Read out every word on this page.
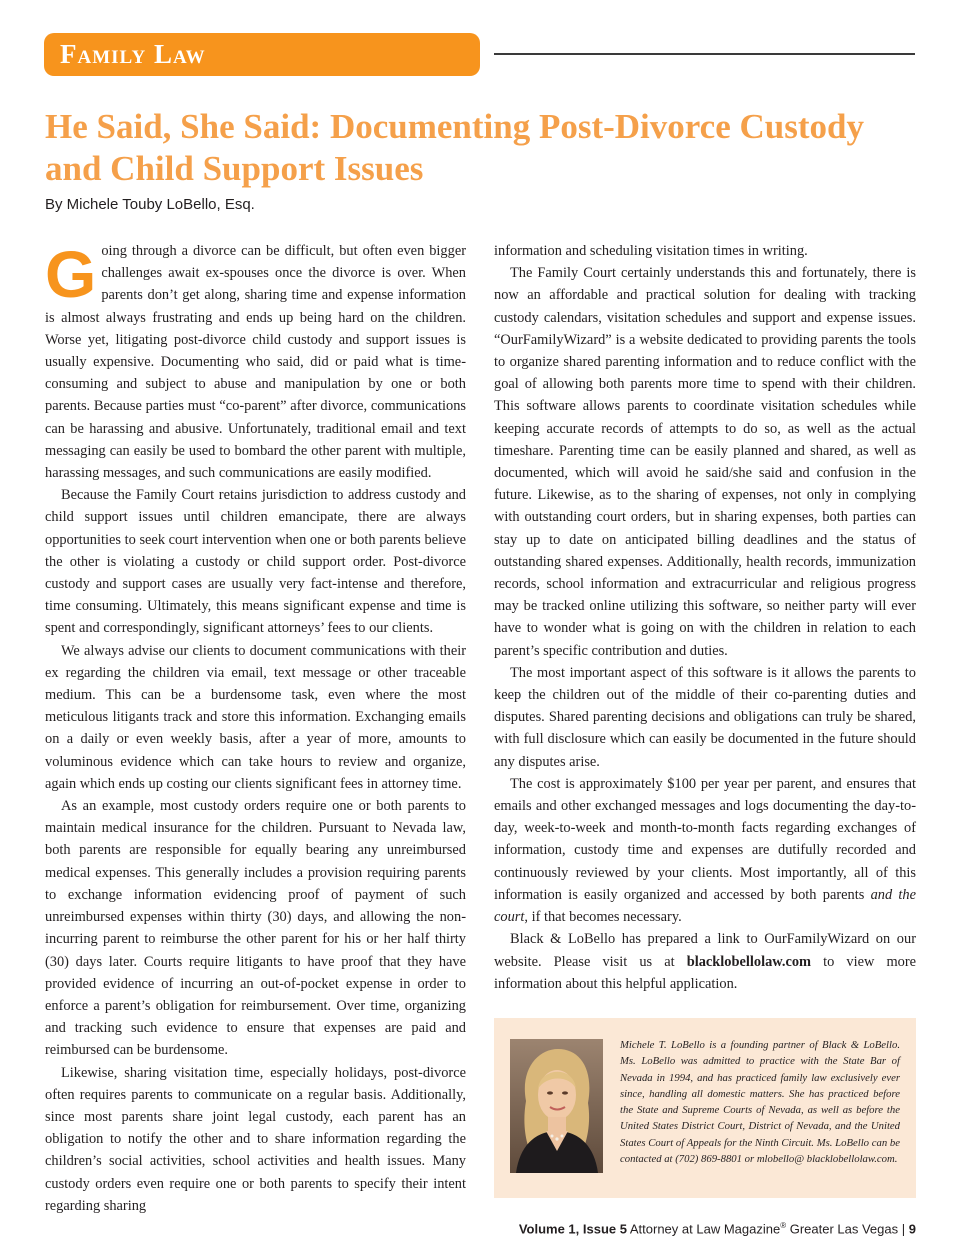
Family Law
He Said, She Said: Documenting Post-Divorce Custody and Child Support Issues
By Michele Touby LoBello, Esq.

Going through a divorce can be difficult, but often even bigger challenges await ex-spouses once the divorce is over. When parents don’t get along, sharing time and expense information is almost always frustrating and ends up being hard on the children. Worse yet, litigating post-divorce child custody and support issues is usually expensive. Documenting who said, did or paid what is time-consuming and subject to abuse and manipulation by one or both parents. Because parties must “co-parent” after divorce, communications can be harassing and abusive. Unfortunately, traditional email and text messaging can easily be used to bombard the other parent with multiple, harassing messages, and such communications are easily modified.

Because the Family Court retains jurisdiction to address custody and child support issues until children emancipate, there are always opportunities to seek court intervention when one or both parents believe the other is violating a custody or child support order. Post-divorce custody and support cases are usually very fact-intense and therefore, time consuming. Ultimately, this means significant expense and time is spent and correspondingly, significant attorneys’ fees to our clients.

We always advise our clients to document communications with their ex regarding the children via email, text message or other traceable medium. This can be a burdensome task, even where the most meticulous litigants track and store this information. Exchanging emails on a daily or even weekly basis, after a year of more, amounts to voluminous evidence which can take hours to review and organize, again which ends up costing our clients significant fees in attorney time.

As an example, most custody orders require one or both parents to maintain medical insurance for the children. Pursuant to Nevada law, both parents are responsible for equally bearing any unreimbursed medical expenses. This generally includes a provision requiring parents to exchange information evidencing proof of payment of such unreimbursed expenses within thirty (30) days, and allowing the non-incurring parent to reimburse the other parent for his or her half thirty (30) days later. Courts require litigants to have proof that they have provided evidence of incurring an out-of-pocket expense in order to enforce a parent’s obligation for reimbursement. Over time, organizing and tracking such evidence to ensure that expenses are paid and reimbursed can be burdensome.

Likewise, sharing visitation time, especially holidays, post-divorce often requires parents to communicate on a regular basis. Additionally, since most parents share joint legal custody, each parent has an obligation to notify the other and to share information regarding the children’s social activities, school activities and health issues. Many custody orders even require one or both parents to specify their intent regarding sharing

information and scheduling visitation times in writing.

The Family Court certainly understands this and fortunately, there is now an affordable and practical solution for dealing with tracking custody calendars, visitation schedules and support and expense issues. “OurFamilyWizard” is a website dedicated to providing parents the tools to organize shared parenting information and to reduce conflict with the goal of allowing both parents more time to spend with their children. This software allows parents to coordinate visitation schedules while keeping accurate records of attempts to do so, as well as the actual timeshare. Parenting time can be easily planned and shared, as well as documented, which will avoid he said/she said and confusion in the future. Likewise, as to the sharing of expenses, not only in complying with outstanding court orders, but in sharing expenses, both parties can stay up to date on anticipated billing deadlines and the status of outstanding shared expenses. Additionally, health records, immunization records, school information and extracurricular and religious progress may be tracked online utilizing this software, so neither party will ever have to wonder what is going on with the children in relation to each parent’s specific contribution and duties.

The most important aspect of this software is it allows the parents to keep the children out of the middle of their co-parenting duties and disputes. Shared parenting decisions and obligations can truly be shared, with full disclosure which can easily be documented in the future should any disputes arise.

The cost is approximately $100 per year per parent, and ensures that emails and other exchanged messages and logs documenting the day-to-day, week-to-week and month-to-month facts regarding exchanges of information, custody time and expenses are dutifully recorded and continuously reviewed by your clients. Most importantly, all of this information is easily organized and accessed by both parents and the court, if that becomes necessary.

Black & LoBello has prepared a link to OurFamilyWizard on our website. Please visit us at blacklobellolaw.com to view more information about this helpful application.

Michele T. LoBello is a founding partner of Black & LoBello. Ms. LoBello was admitted to practice with the State Bar of Nevada in 1994, and has practiced family law exclusively ever since, handling all domestic matters. She has practiced before the State and Supreme Courts of Nevada, as well as before the United States District Court, District of Nevada, and the United States Court of Appeals for the Ninth Circuit. Ms. LoBello can be contacted at (702) 869-8801 or mlobello@ blacklobellolaw.com.
Volume 1, Issue 5 Attorney at Law Magazine® Greater Las Vegas | 9
